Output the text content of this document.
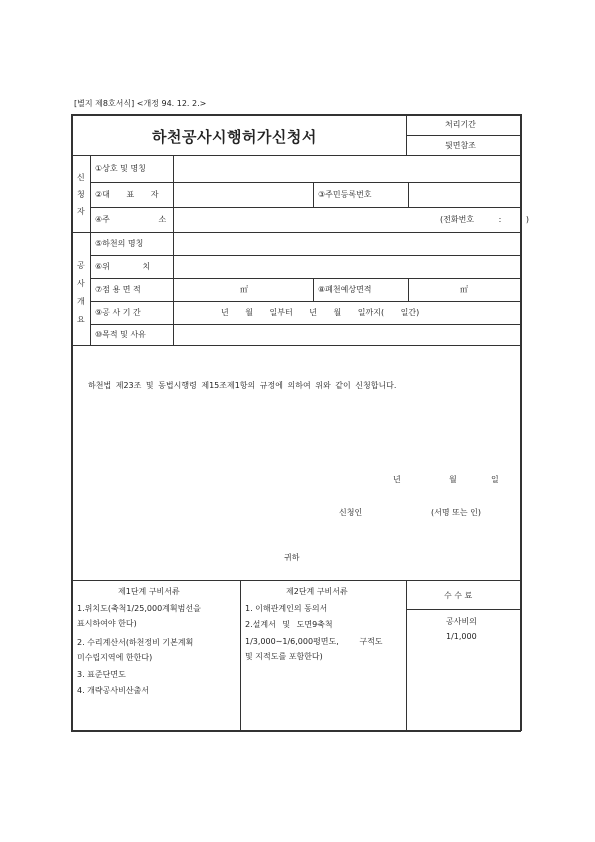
[별지 제8호서식] <개정 94. 12. 2.>
하천공사시행허가신청서
처리기간
뒷면참조
신
청
자
①상호 및 명칭
②대 표 자	③주민등록번호
④주 소	(전화번호 : )
공
사
개
요
⑤하천의 명칭
⑥위 치
⑦점 용 면 적	㎡	⑧폐천예상면적	㎡
⑨공 사 기 간	년 월 일부터 년 월 일까지( 일간)
⑩목적 및 사유
하천법 제23조 및 동법시행령 제15조제1항의 규정에 의하여 위와 같이 신청합니다.
년	월	일
신청인	(서명 또는 인)
귀하
제1단계 구비서류
1.위치도(축척1/25,000계획범선을
표시하여야 한다)
2. 수리계산서(하천정비 기본계획
미수립지역에 한한다)
3. 표준단면도
4. 개략공사비산출서
제2단계 구비서류
1. 이해관계인의 동의서
2.설계서 및 도면9축척
1/3,000∼1/6,000평면도, 구적도
및 지적도를 포함한다)
수 수 료
공사비의
1/1,000
